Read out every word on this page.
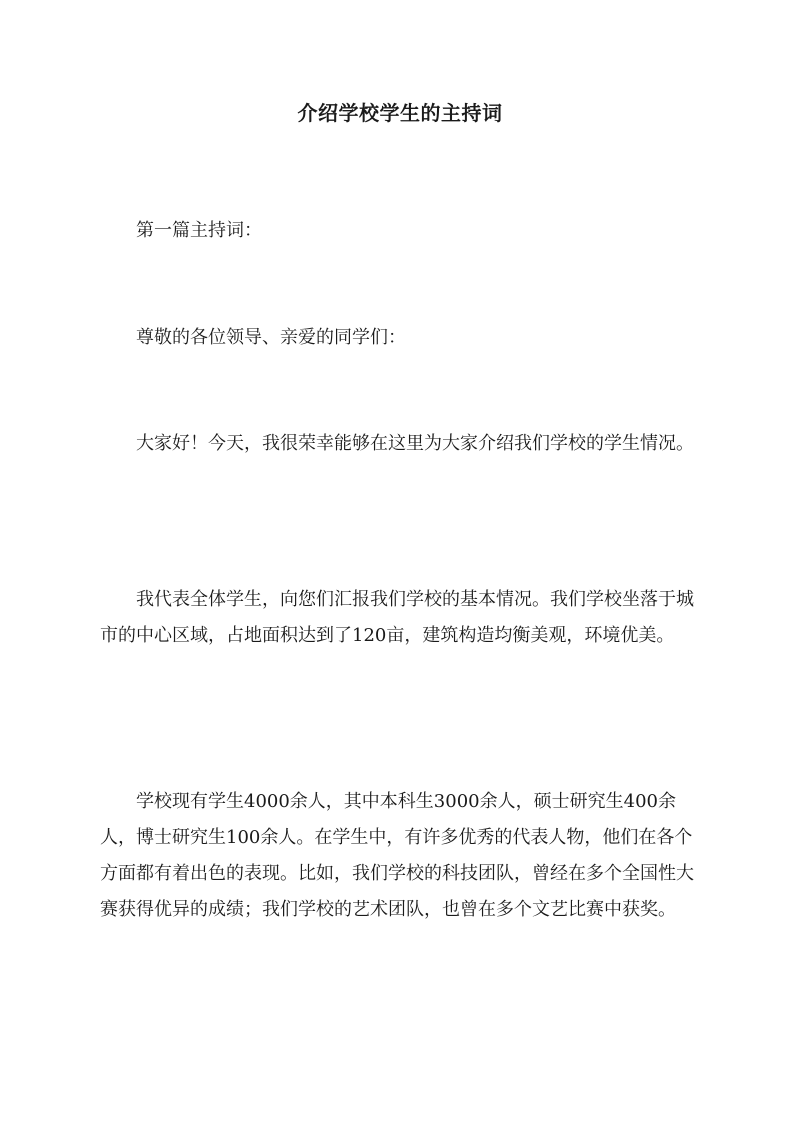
介绍学校学生的主持词

第一篇主持词：

尊敬的各位领导、亲爱的同学们：

大家好！今天，我很荣幸能够在这里为大家介绍我们学校的学生情况。

我代表全体学生，向您们汇报我们学校的基本情况。我们学校坐落于城市的中心区域，占地面积达到了120亩，建筑构造均衡美观，环境优美。

学校现有学生4000余人，其中本科生3000余人，硕士研究生400余人，博士研究生100余人。在学生中，有许多优秀的代表人物，他们在各个方面都有着出色的表现。比如，我们学校的科技团队，曾经在多个全国性大赛获得优异的成绩；我们学校的艺术团队，也曾在多个文艺比赛中获奖。
